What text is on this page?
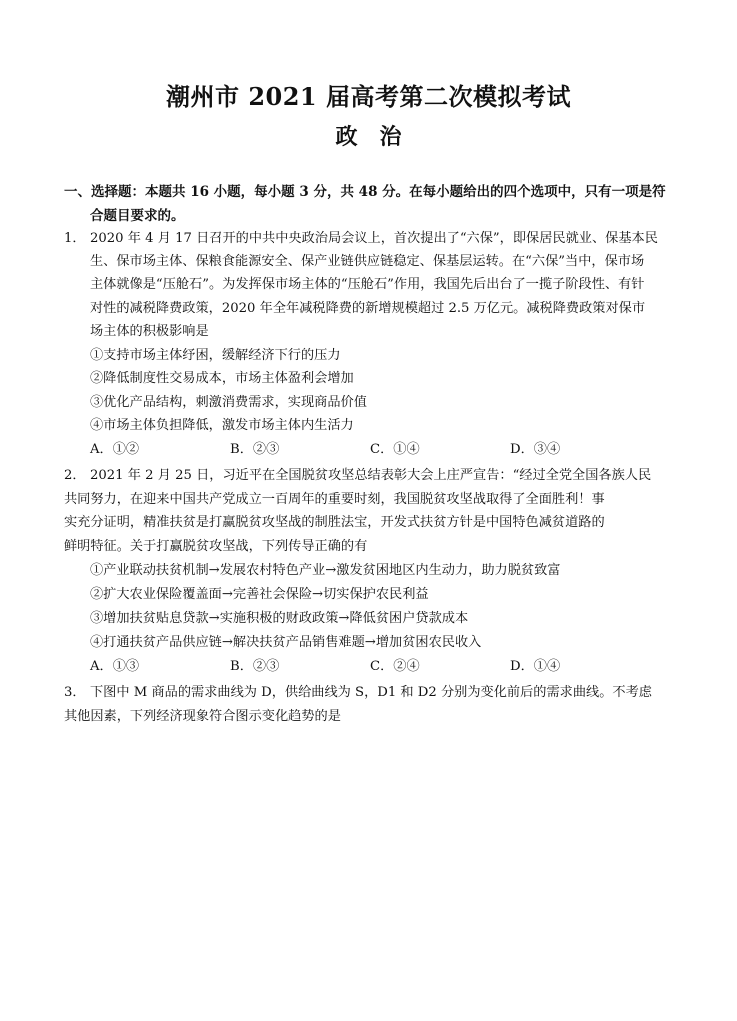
潮州市 2021 届高考第二次模拟考试
政　治
一、选择题：本题共 16 小题，每小题 3 分，共 48 分。在每小题给出的四个选项中，只有一项是符
合题目要求的。
1． 2020 年 4 月 17 日召开的中共中央政治局会议上，首次提出了“六保”，即保居民就业、保基本民
生、保市场主体、保粮食能源安全、保产业链供应链稳定、保基层运转。在“六保”当中，保市场
主体就像是“压舱石”。为发挥保市场主体的“压舱石”作用，我国先后出台了一揽子阶段性、有针
对性的减税降费政策，2020 年全年减税降费的新增规模超过 2.5 万亿元。减税降费政策对保市
场主体的积极影响是
①支持市场主体纾困，缓解经济下行的压力
②降低制度性交易成本，市场主体盈利会增加
③优化产品结构，刺激消费需求，实现商品价值
④市场主体负担降低，激发市场主体内生活力
A．①②	B．②③	C．①④	D．③④
2． 2021 年 2 月 25 日，习近平在全国脱贫攻坚总结表彰大会上庄严宣告：“经过全党全国各族人民
共同努力，在迎来中国共产党成立一百周年的重要时刻，我国脱贫攻坚战取得了全面胜利！事
实充分证明，精准扶贫是打赢脱贫攻坚战的制胜法宝，开发式扶贫方针是中国特色减贫道路的
鲜明特征。关于打赢脱贫攻坚战，下列传导正确的有
①产业联动扶贫机制→发展农村特色产业→激发贫困地区内生动力，助力脱贫致富
②扩大农业保险覆盖面→完善社会保险→切实保护农民利益
③增加扶贫贴息贷款→实施积极的财政政策→降低贫困户贷款成本
④打通扶贫产品供应链→解决扶贫产品销售难题→增加贫困农民收入
A．①③	B．②③	C．②④	D．①④
3． 下图中 M 商品的需求曲线为 D，供给曲线为 S，D1 和 D2 分别为变化前后的需求曲线。不考虑
其他因素，下列经济现象符合图示变化趋势的是
